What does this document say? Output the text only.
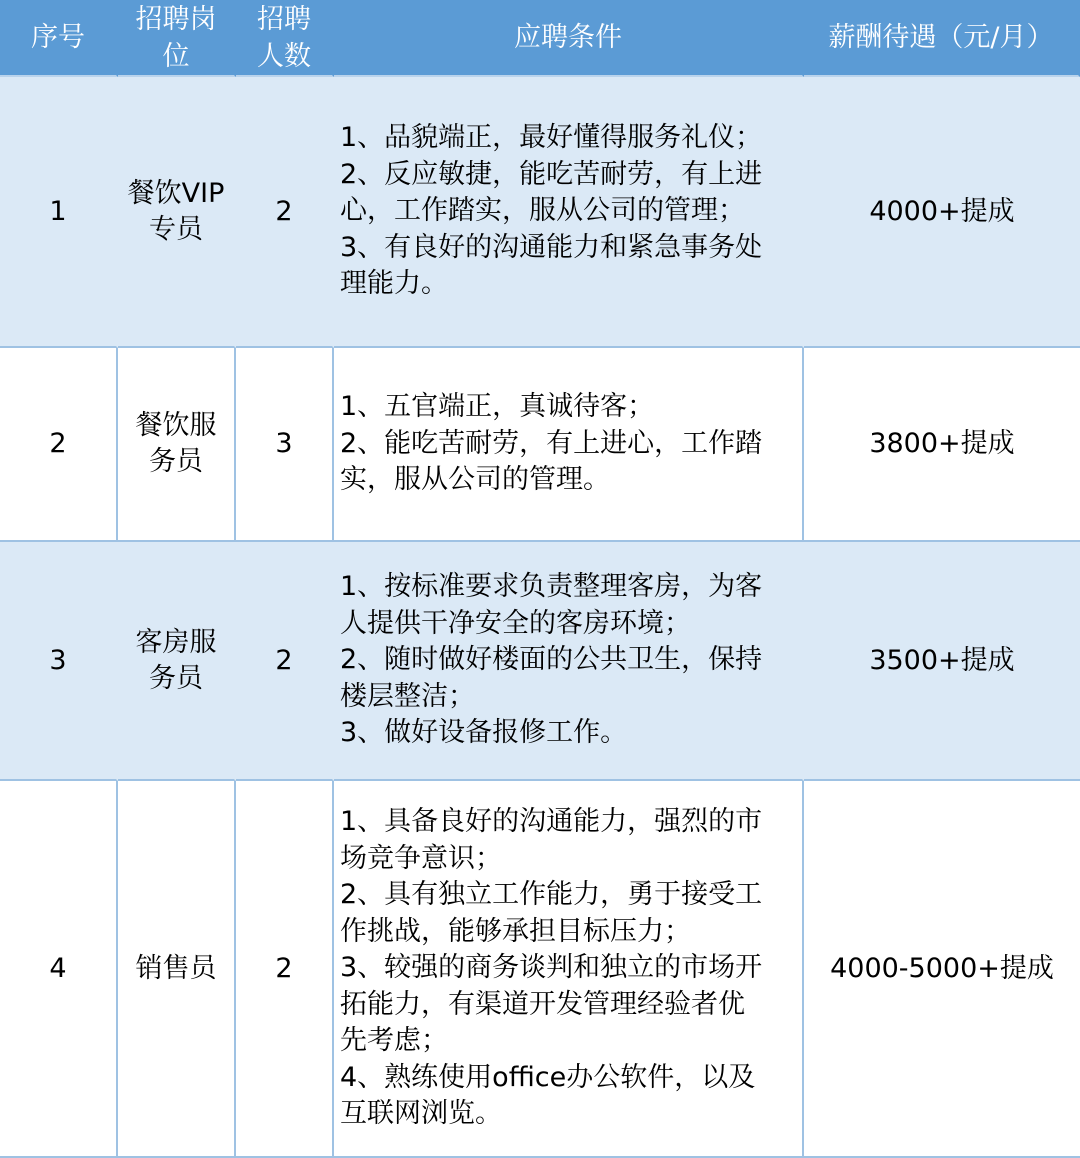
序号
招聘岗
位
招聘
人数
应聘条件	薪酬待遇（元/月）
1
餐饮VIP
专员
2
1、品貌端正，最好懂得服务礼仪；
2、反应敏捷，能吃苦耐劳，有上进
心，工作踏实，服从公司的管理；
3、有良好的沟通能力和紧急事务处
理能力。
4000+提成
2
餐饮服
务员
3
1、五官端正，真诚待客；
2、能吃苦耐劳，有上进心，工作踏
实，服从公司的管理。
3800+提成
3
客房服
务员
2
1、按标准要求负责整理客房，为客
人提供干净安全的客房环境；
2、随时做好楼面的公共卫生，保持
楼层整洁；
3、做好设备报修工作。
3500+提成
4	销售员 2
1、具备良好的沟通能力，强烈的市
场竞争意识；
2、具有独立工作能力，勇于接受工
作挑战，能够承担目标压力；
3、较强的商务谈判和独立的市场开
拓能力，有渠道开发管理经验者优
先考虑；
4、熟练使用office办公软件，以及
互联网浏览。
4000-5000+提成
